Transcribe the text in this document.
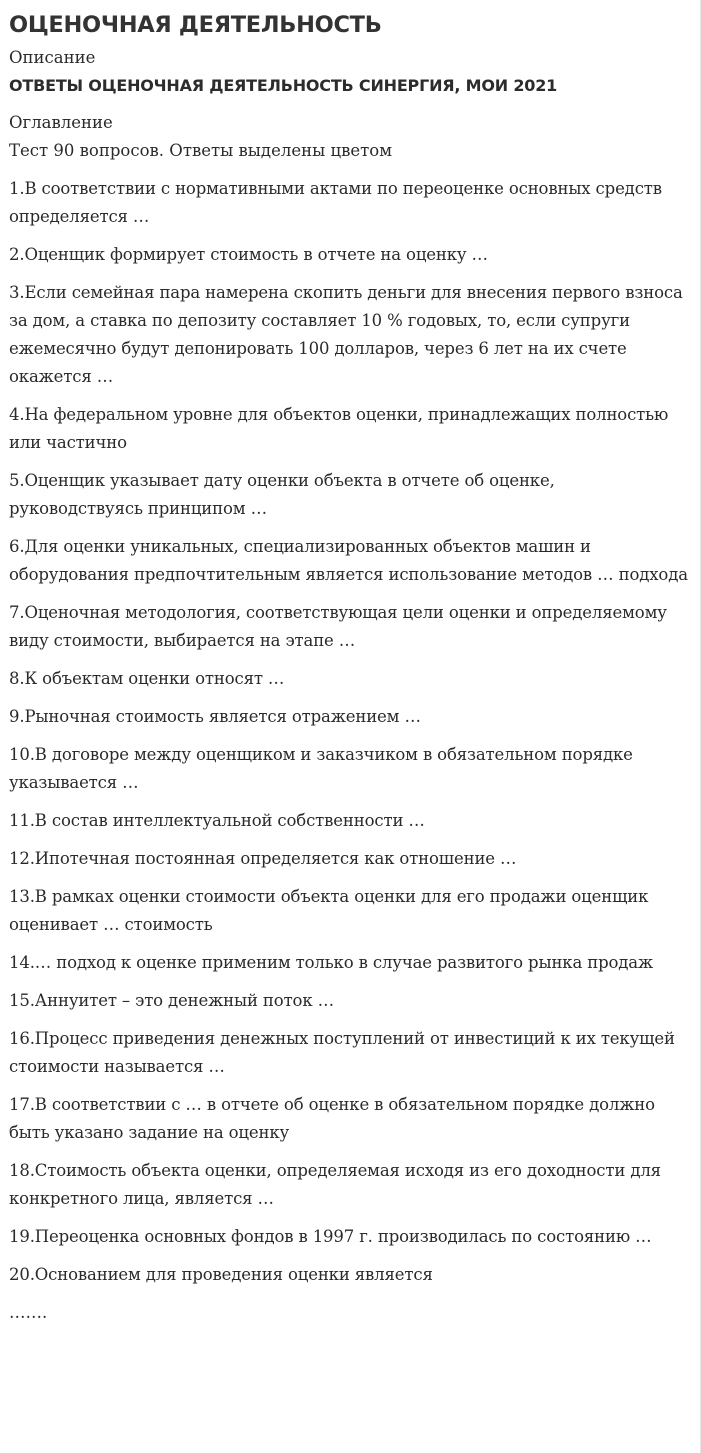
ОЦЕНОЧНАЯ ДЕЯТЕЛЬНОСТЬ

Описание

ОТВЕТЫ ОЦЕНОЧНАЯ ДЕЯТЕЛЬНОСТЬ СИНЕРГИЯ, МОИ 2021

Оглавление

Тест 90 вопросов. Ответы выделены цветом

1.В соответствии с нормативными актами по переоценке основных средств определяется …

2.Оценщик формирует стоимость в отчете на оценку …

3.Если семейная пара намерена скопить деньги для внесения первого взноса за дом, а ставка по депозиту составляет 10 % годовых, то, если супруги ежемесячно будут депонировать 100 долларов, через 6 лет на их счете окажется …

4.На федеральном уровне для объектов оценки, принадлежащих полностью или частично

5.Оценщик указывает дату оценки объекта в отчете об оценке, руководствуясь принципом …

6.Для оценки уникальных, специализированных объектов машин и оборудования предпочтительным является использование методов … подхода

7.Оценочная методология, соответствующая цели оценки и определяемому виду стоимости, выбирается на этапе …

8.К объектам оценки относят …

9.Рыночная стоимость является отражением …

10.В договоре между оценщиком и заказчиком в обязательном порядке указывается …

11.В состав интеллектуальной собственности …

12.Ипотечная постоянная определяется как отношение …

13.В рамках оценки стоимости объекта оценки для его продажи оценщик оценивает … стоимость

14.… подход к оценке применим только в случае развитого рынка продаж

15.Аннуитет – это денежный поток …

16.Процесс приведения денежных поступлений от инвестиций к их текущей стоимости называется …

17.В соответствии с … в отчете об оценке в обязательном порядке должно быть указано задание на оценку

18.Стоимость объекта оценки, определяемая исходя из его доходности для конкретного лица, является …

19.Переоценка основных фондов в 1997 г. производилась по состоянию …

20.Основанием для проведения оценки является

…….
